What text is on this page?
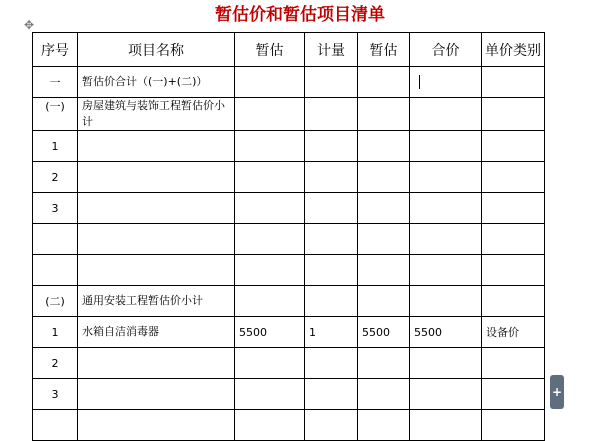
暂估价和暂估项目清单
✥
序号	项目名称	暂估	计量	暂估	合价	单价类别
一	暂估价合计（(一)+(二)）					
(一)	房屋建筑与装饰工程暂估价小计					
1						
2						
3						

(二)	通用安装工程暂估价小计					
1	水箱自洁消毒器	5500	1	5500	5500	设备价
2						
3						
							+
